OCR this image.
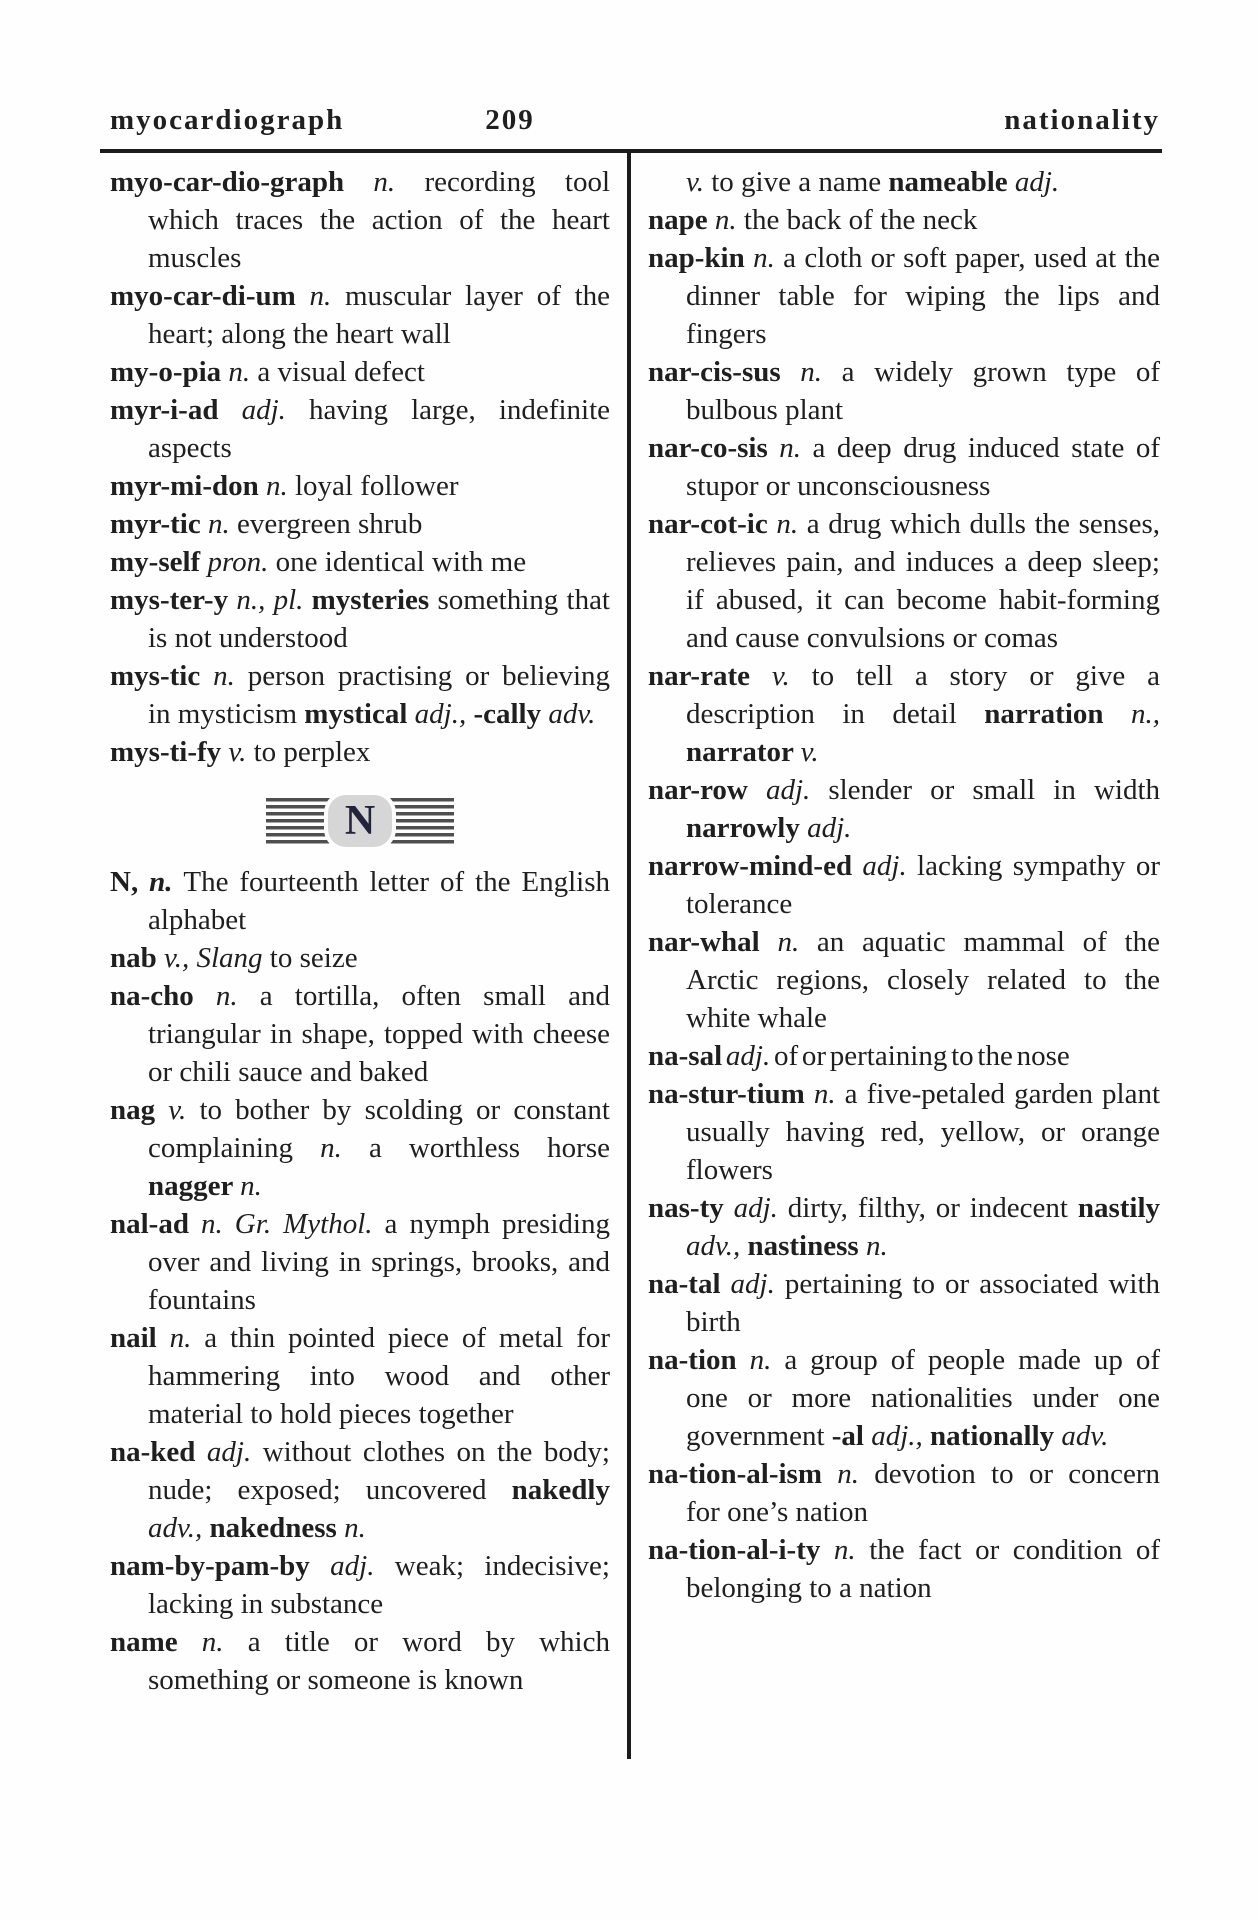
myocardiograph	209	nationality

myo-car-dio-graph n. recording tool which traces the action of the heart muscles

myo-car-di-um n. muscular layer of the heart; along the heart wall

my-o-pia n. a visual defect

myr-i-ad adj. having large, indefinite aspects

myr-mi-don n. loyal follower

myr-tic n. evergreen shrub

my-self pron. one identical with me

mys-ter-y n., pl. mysteries something that is not understood

mys-tic n. person practising or believing in mysticism mystical adj., -cally adv.

mys-ti-fy v. to perplex

N

N, n. The fourteenth letter of the English alphabet

nab v., Slang to seize

na-cho n. a tortilla, often small and triangular in shape, topped with cheese or chili sauce and baked

nag v. to bother by scolding or constant complaining n. a worthless horse nagger n.

nal-ad n. Gr. Mythol. a nymph presiding over and living in springs, brooks, and fountains

nail n. a thin pointed piece of metal for hammering into wood and other material to hold pieces together

na-ked adj. without clothes on the body; nude; exposed; uncovered nakedly adv., nakedness n.

nam-by-pam-by adj. weak; indecisive; lacking in substance

name n. a title or word by which something or someone is known

v. to give a name nameable adj.

nape n. the back of the neck

nap-kin n. a cloth or soft paper, used at the dinner table for wiping the lips and fingers

nar-cis-sus n. a widely grown type of bulbous plant

nar-co-sis n. a deep drug induced state of stupor or unconsciousness

nar-cot-ic n. a drug which dulls the senses, relieves pain, and induces a deep sleep; if abused, it can become habit-forming and cause convulsions or comas

nar-rate v. to tell a story or give a description in detail narration n., narrator v.

nar-row adj. slender or small in width narrowly adj.

narrow-mind-ed adj. lacking sympathy or tolerance

nar-whal n. an aquatic mammal of the Arctic regions, closely related to the white whale

na-sal adj. of or pertaining to the nose

na-stur-tium n. a five-petaled garden plant usually having red, yellow, or orange flowers

nas-ty adj. dirty, filthy, or indecent nastily adv., nastiness n.

na-tal adj. pertaining to or associated with birth

na-tion n. a group of people made up of one or more nationalities under one government -al adj., nationally adv.

na-tion-al-ism n. devotion to or concern for one’s nation

na-tion-al-i-ty n. the fact or condition of belonging to a nation
